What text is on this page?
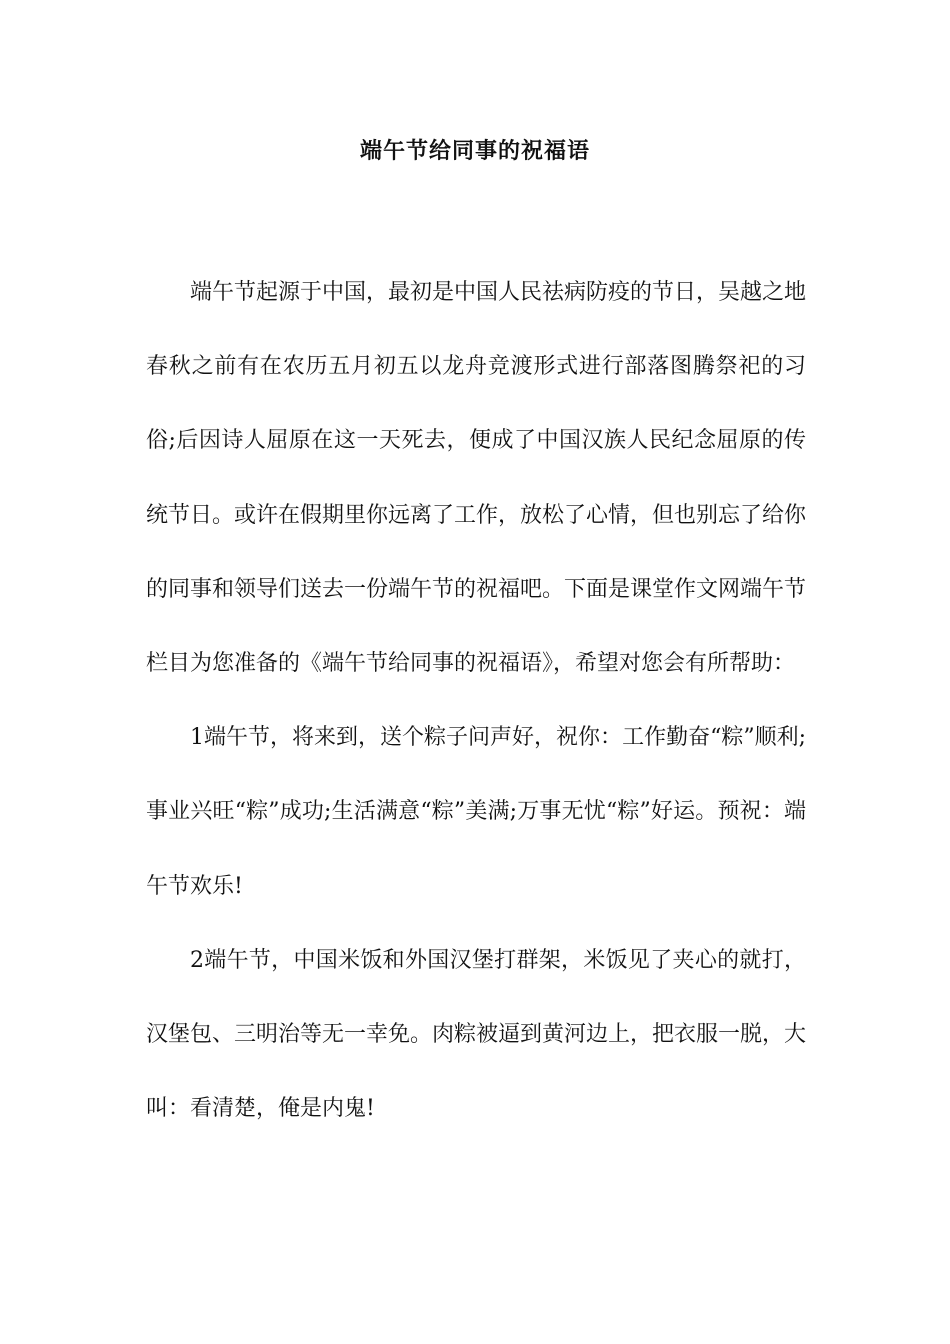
端午节给同事的祝福语

端午节起源于中国，最初是中国人民祛病防疫的节日，吴越之地春秋之前有在农历五月初五以龙舟竞渡形式进行部落图腾祭祀的习俗;后因诗人屈原在这一天死去，便成了中国汉族人民纪念屈原的传统节日。或许在假期里你远离了工作，放松了心情，但也别忘了给你的同事和领导们送去一份端午节的祝福吧。下面是课堂作文网端午节栏目为您准备的《端午节给同事的祝福语》，希望对您会有所帮助：

1端午节，将来到，送个粽子问声好，祝你：工作勤奋“粽”顺利;事业兴旺“粽”成功;生活满意“粽”美满;万事无忧“粽”好运。预祝：端午节欢乐!

2端午节，中国米饭和外国汉堡打群架，米饭见了夹心的就打，汉堡包、三明治等无一幸免。肉粽被逼到黄河边上，把衣服一脱，大叫：看清楚，俺是内鬼!
